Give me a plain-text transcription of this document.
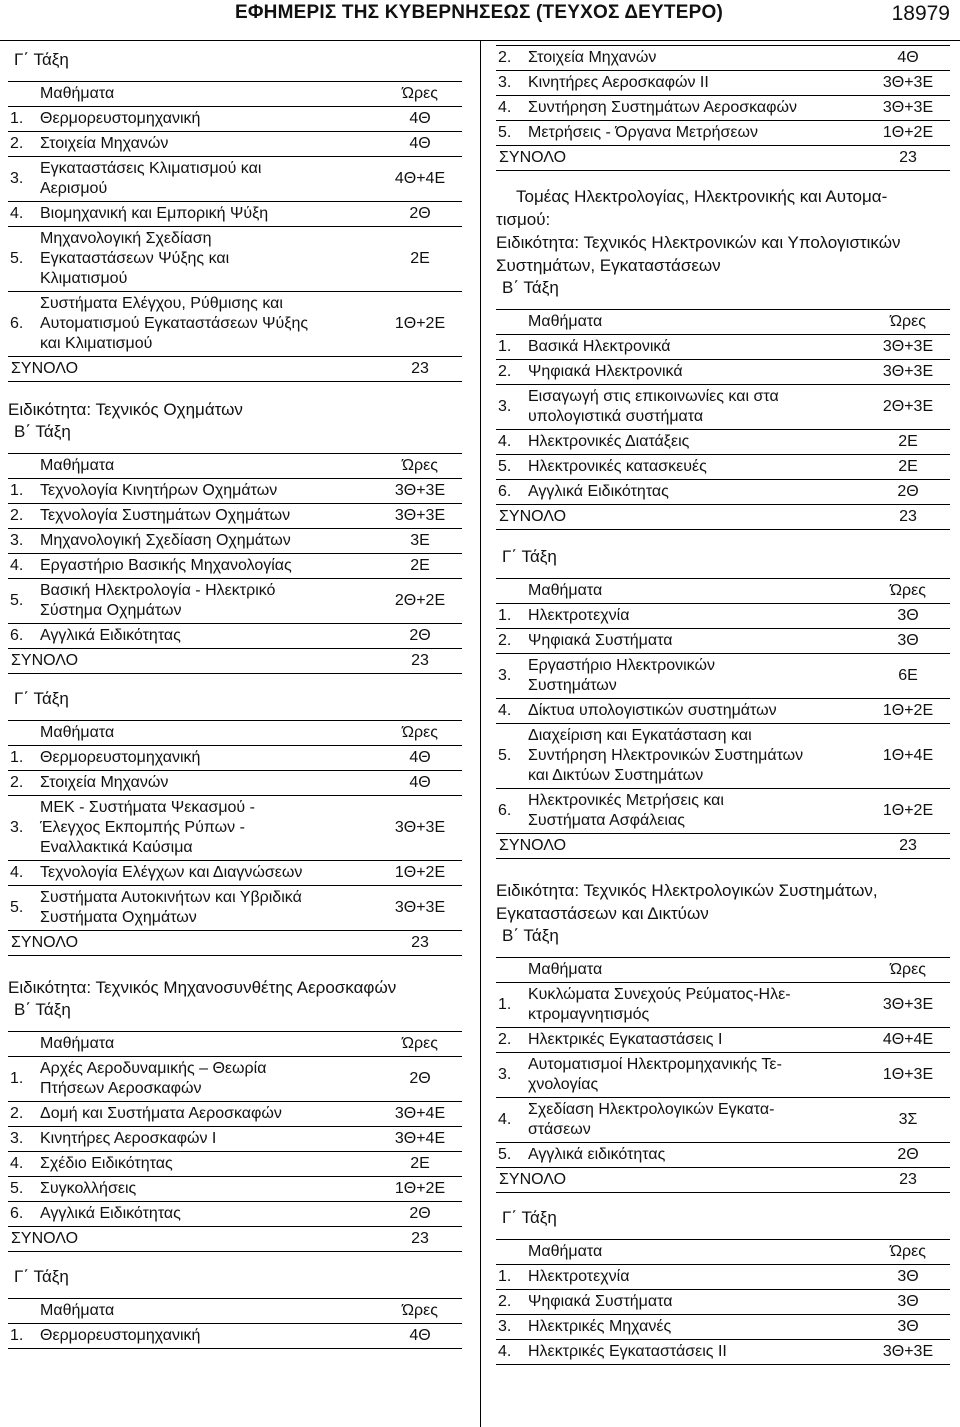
ΕΦΗΜΕΡΙΣ ΤΗΣ ΚΥΒΕΡΝΗΣΕΩΣ (ΤΕΥΧΟΣ ΔΕΥΤΕΡΟ)	18979
Γ΄ Τάξη
	Μαθήματα	Ώρες
1.	Θερμορευστομηχανική	4Θ
2.	Στοιχεία Μηχανών	4Θ
3.	Εγκαταστάσεις Κλιματισμού και
Αερισμού	4Θ+4Ε
4.	Βιομηχανική και Εμπορική Ψύξη	2Θ
5.	Μηχανολογική Σχεδίαση
Εγκαταστάσεων Ψύξης και
Κλιματισμού	2Ε
6.	Συστήματα Ελέγχου, Ρύθμισης και
Αυτοματισμού Εγκαταστάσεων Ψύξης
και Κλιματισμού	1Θ+2Ε
ΣΥΝΟΛΟ		23
Ειδικότητα: Τεχνικός Οχημάτων
Β΄ Τάξη
	Μαθήματα	Ώρες
1.	Τεχνολογία Κινητήρων Οχημάτων	3Θ+3Ε
2.	Τεχνολογία Συστημάτων Οχημάτων	3Θ+3Ε
3.	Μηχανολογική Σχεδίαση Οχημάτων	3Ε
4.	Εργαστήριο Βασικής Μηχανολογίας	2Ε
5.	Βασική Ηλεκτρολογία - Ηλεκτρικό
Σύστημα Οχημάτων	2Θ+2Ε
6.	Αγγλικά Ειδικότητας	2Θ
ΣΥΝΟΛΟ		23
Γ΄ Τάξη
	Μαθήματα	Ώρες
1.	Θερμορευστομηχανική	4Θ
2.	Στοιχεία Μηχανών	4Θ
3.	ΜΕΚ - Συστήματα Ψεκασμού -
Έλεγχος Εκπομπής Ρύπων -
Εναλλακτικά Καύσιμα	3Θ+3Ε
4.	Τεχνολογία Ελέγχων και Διαγνώσεων	1Θ+2Ε
5.	Συστήματα Αυτοκινήτων και Υβριδικά
Συστήματα Οχημάτων	3Θ+3Ε
ΣΥΝΟΛΟ		23
Ειδικότητα: Τεχνικός Μηχανοσυνθέτης Αεροσκαφών
Β΄ Τάξη
	Μαθήματα	Ώρες
1.	Αρχές Αεροδυναμικής – Θεωρία
Πτήσεων Αεροσκαφών	2Θ
2.	Δομή και Συστήματα Αεροσκαφών	3Θ+4Ε
3.	Κινητήρες Αεροσκαφών Ι	3Θ+4Ε
4.	Σχέδιο Ειδικότητας	2Ε
5.	Συγκολλήσεις	1Θ+2Ε
6.	Αγγλικά Ειδικότητας	2Θ
ΣΥΝΟΛΟ		23
Γ΄ Τάξη
	Μαθήματα	Ώρες
1.	Θερμορευστομηχανική	4Θ
2.	Στοιχεία Μηχανών	4Θ
3.	Κινητήρες Αεροσκαφών ΙΙ	3Θ+3Ε
4.	Συντήρηση Συστημάτων Αεροσκαφών	3Θ+3Ε
5.	Μετρήσεις - Όργανα Μετρήσεων	1Θ+2Ε
ΣΥΝΟΛΟ		23
Τομέας Ηλεκτρολογίας, Ηλεκτρονικής και Αυτομα-
τισμού:
Ειδικότητα: Τεχνικός Ηλεκτρονικών και Υπολογιστικών
Συστημάτων, Εγκαταστάσεων
Β΄ Τάξη
	Μαθήματα	Ώρες
1.	Βασικά Ηλεκτρονικά	3Θ+3Ε
2.	Ψηφιακά Ηλεκτρονικά	3Θ+3Ε
3.	Εισαγωγή στις επικοινωνίες και στα
υπολογιστικά συστήματα	2Θ+3Ε
4.	Ηλεκτρονικές Διατάξεις	2Ε
5.	Ηλεκτρονικές κατασκευές	2Ε
6.	Αγγλικά Ειδικότητας	2Θ
ΣΥΝΟΛΟ		23
Γ΄ Τάξη
	Μαθήματα	Ώρες
1.	Ηλεκτροτεχνία	3Θ
2.	Ψηφιακά Συστήματα	3Θ
3.	Εργαστήριο Ηλεκτρονικών
Συστημάτων	6Ε
4.	Δίκτυα υπολογιστικών συστημάτων	1Θ+2Ε
5.	Διαχείριση και Εγκατάσταση και
Συντήρηση Ηλεκτρονικών Συστημάτων
και Δικτύων Συστημάτων	1Θ+4Ε
6.	Ηλεκτρονικές Μετρήσεις και
Συστήματα Ασφάλειας	1Θ+2Ε
ΣΥΝΟΛΟ		23
Ειδικότητα: Τεχνικός Ηλεκτρολογικών Συστημάτων,
Εγκαταστάσεων και Δικτύων
Β΄ Τάξη
	Μαθήματα	Ώρες
1.	Κυκλώματα Συνεχούς Ρεύματος-Ηλε-
κτρομαγνητισμός	3Θ+3Ε
2.	Ηλεκτρικές Εγκαταστάσεις Ι	4Θ+4Ε
3.	Αυτοματισμοί Ηλεκτρομηχανικής Τε-
χνολογίας	1Θ+3Ε
4.	Σχεδίαση Ηλεκτρολογικών Εγκατα-
στάσεων	3Σ
5.	Αγγλικά ειδικότητας	2Θ
ΣΥΝΟΛΟ		23
Γ΄ Τάξη
	Μαθήματα	Ώρες
1.	Ηλεκτροτεχνία	3Θ
2.	Ψηφιακά Συστήματα	3Θ
3.	Ηλεκτρικές Μηχανές	3Θ
4.	Ηλεκτρικές Εγκαταστάσεις ΙΙ	3Θ+3Ε
